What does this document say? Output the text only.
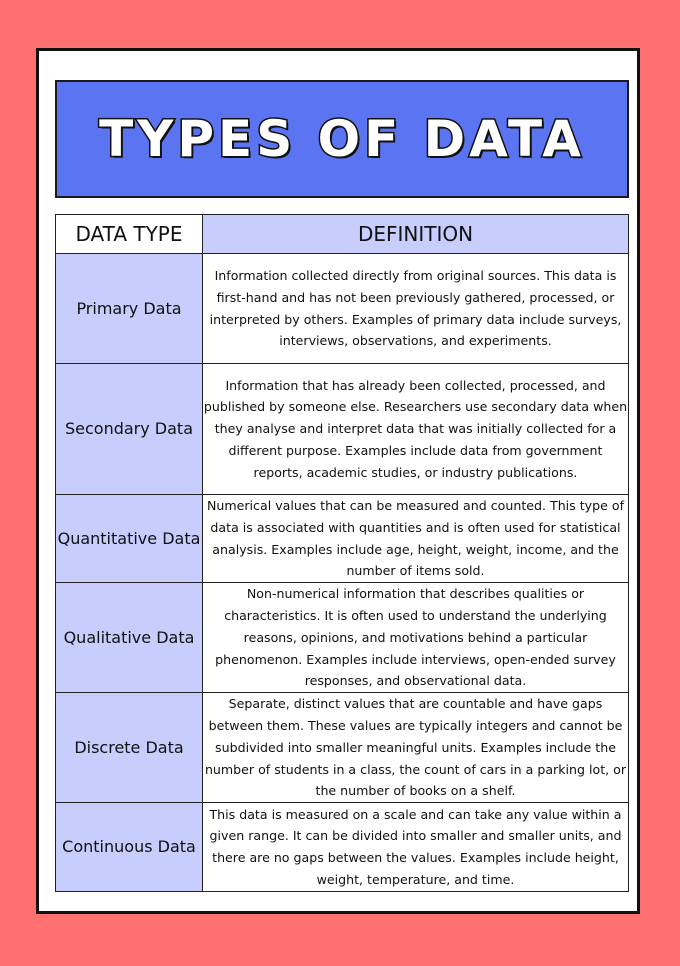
TYPES OF DATA
DATA TYPE	DEFINITION
Primary Data	Information collected directly from original sources. This data is first-hand and has not been previously gathered, processed, or interpreted by others. Examples of primary data include surveys, interviews, observations, and experiments.
Secondary Data	Information that has already been collected, processed, and published by someone else. Researchers use secondary data when they analyse and interpret data that was initially collected for a different purpose. Examples include data from government reports, academic studies, or industry publications.
Quantitative Data	Numerical values that can be measured and counted. This type of data is associated with quantities and is often used for statistical analysis. Examples include age, height, weight, income, and the number of items sold.
Qualitative Data	Non-numerical information that describes qualities or characteristics. It is often used to understand the underlying reasons, opinions, and motivations behind a particular phenomenon. Examples include interviews, open-ended survey responses, and observational data.
Discrete Data	Separate, distinct values that are countable and have gaps between them. These values are typically integers and cannot be subdivided into smaller meaningful units. Examples include the number of students in a class, the count of cars in a parking lot, or the number of books on a shelf.
Continuous Data	This data is measured on a scale and can take any value within a given range. It can be divided into smaller and smaller units, and there are no gaps between the values. Examples include height, weight, temperature, and time.
